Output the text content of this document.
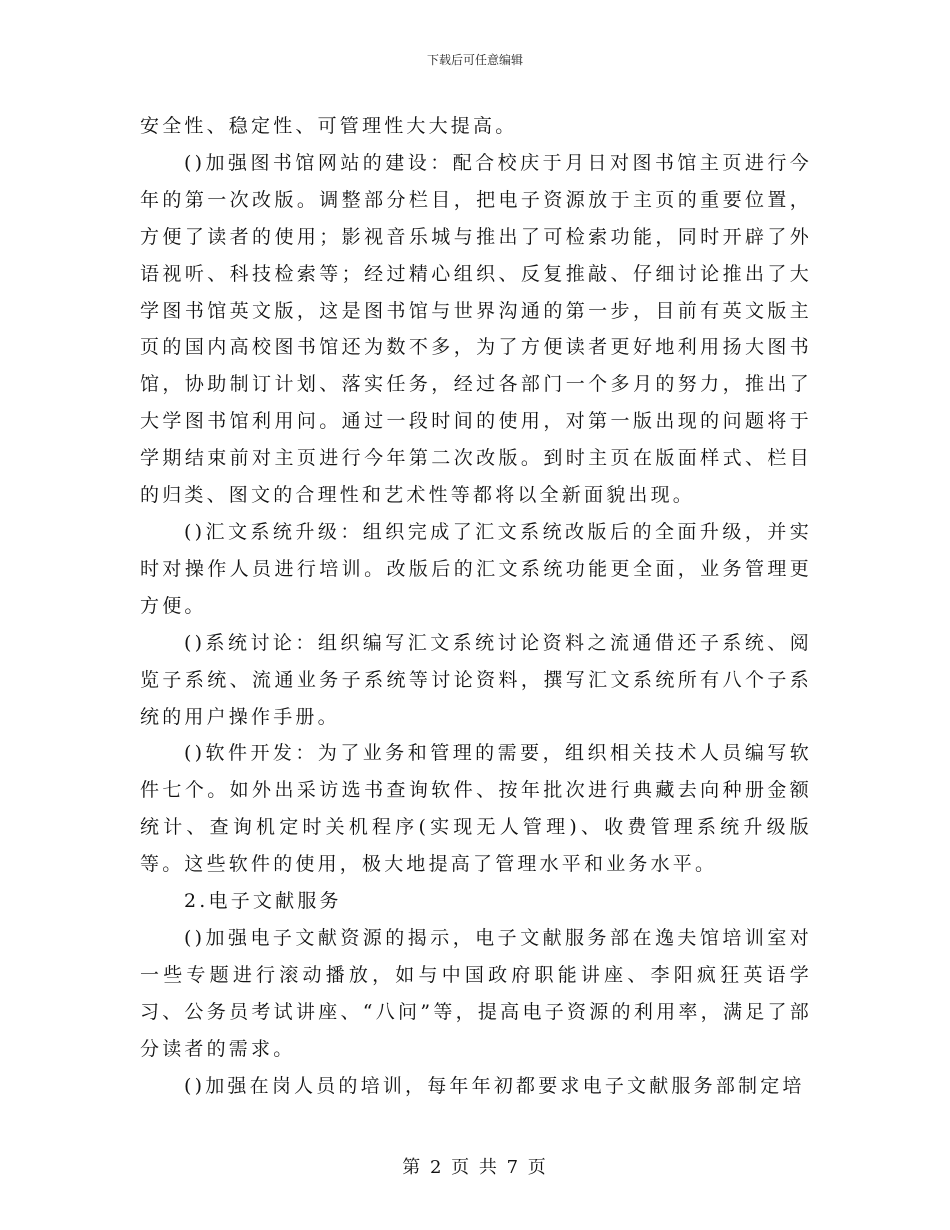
下载后可任意编辑

安全性、稳定性、可管理性大大提高。

()加强图书馆网站的建设：配合校庆于月日对图书馆主页进行今年的第一次改版。调整部分栏目，把电子资源放于主页的重要位置，方便了读者的使用；影视音乐城与推出了可检索功能，同时开辟了外语视听、科技检索等；经过精心组织、反复推敲、仔细讨论推出了大学图书馆英文版，这是图书馆与世界沟通的第一步，目前有英文版主页的国内高校图书馆还为数不多，为了方便读者更好地利用扬大图书馆，协助制订计划、落实任务，经过各部门一个多月的努力，推出了大学图书馆利用问。通过一段时间的使用，对第一版出现的问题将于学期结束前对主页进行今年第二次改版。到时主页在版面样式、栏目的归类、图文的合理性和艺术性等都将以全新面貌出现。

()汇文系统升级：组织完成了汇文系统改版后的全面升级，并实时对操作人员进行培训。改版后的汇文系统功能更全面，业务管理更方便。

()系统讨论：组织编写汇文系统讨论资料之流通借还子系统、阅览子系统、流通业务子系统等讨论资料，撰写汇文系统所有八个子系统的用户操作手册。

()软件开发：为了业务和管理的需要，组织相关技术人员编写软件七个。如外出采访选书查询软件、按年批次进行典藏去向种册金额统计、查询机定时关机程序(实现无人管理)、收费管理系统升级版等。这些软件的使用，极大地提高了管理水平和业务水平。

2.电子文献服务

()加强电子文献资源的揭示，电子文献服务部在逸夫馆培训室对一些专题进行滚动播放，如与中国政府职能讲座、李阳疯狂英语学习、公务员考试讲座、“八问”等，提高电子资源的利用率，满足了部分读者的需求。

()加强在岗人员的培训，每年年初都要求电子文献服务部制定培

第 2 页 共 7 页
